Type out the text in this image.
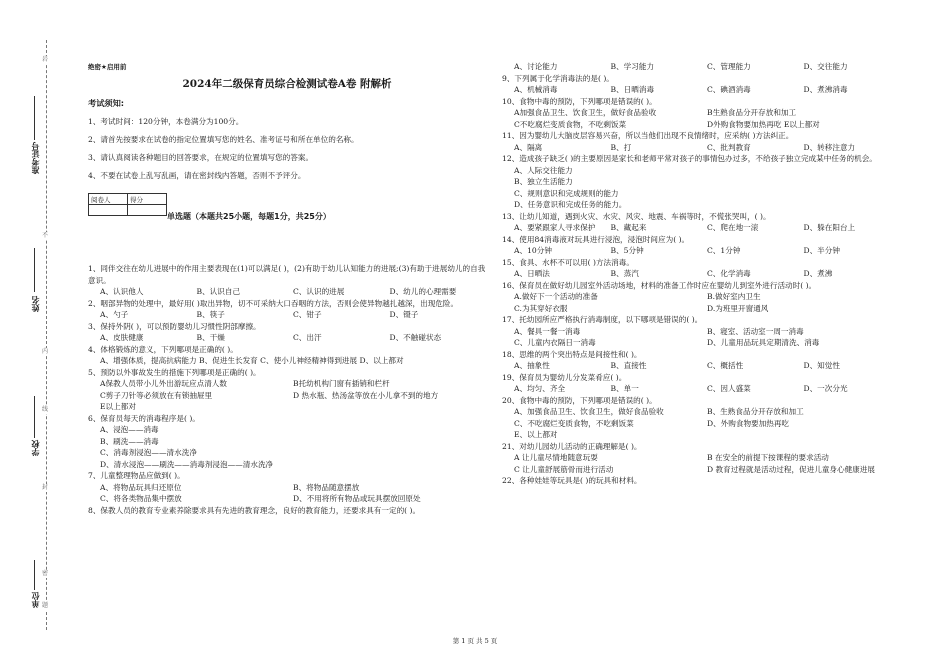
岩
准考证号
不
姓名
内
线
学校
封
密
单位 题
绝密★启用前
2024年二级保育员综合检测试卷A卷 附解析
考试须知:
1、考试时间：120分钟，本卷满分为100分。
2、请首先按要求在试卷的指定位置填写您的姓名、准考证号和所在单位的名称。
3、请认真阅读各种题目的回答要求，在规定的位置填写您的答案。
4、不要在试卷上乱写乱画，请在密封线内答题，否则不予评分。
阅卷人	得分

单选题（本题共25小题，每题1分，共25分）
1、同伴交往在幼儿进展中的作用主要表现在(1)可以满足( )，(2)有助于幼儿认知能力的进展;(3)有助于进展幼儿的自我意识。
A、认识他人	B、认识自己	C、认识的进展	D、幼儿的心理需要
2、咽部异物的处理中，最好用( )取出异物，切不可采纳大口吞咽的方法，否则会使异物越扎越深，出现危险。
A、勺子	B、筷子	C、钳子	D、镊子
3、保持外阴( )，可以预防婴幼儿习惯性阴部摩擦。
A、皮肤健康	B、干燥	C、出汗	D、不触碰状态
4、体格锻炼的意义，下列哪项是正确的( )。
A、增强体质，提高抗病能力 B、促进生长发育 C、使小儿神经精神得到进展 D、以上都对
5、预防以外事故发生的措施下列哪项是正确的( )。
A保教人员带小儿外出游玩应点清人数	B托幼机构门窗有插销和栏杆
C剪子刀针等必须放在有锁抽屉里	D 热水瓶、热汤盆等放在小儿拿不到的地方
E以上都对
6、保育员每天的消毒程序是( )。
A、浸泡——消毒
B、刷洗——消毒
C、消毒剂浸泡——清水洗净
D、清水浸泡——刷洗——消毒剂浸泡——清水洗净
7、儿童整理物品应做到( )。
A、将物品玩具归还原位	B、将物品随意摆放
C、将各类物品集中摆放	D、不用将所有物品或玩具摆放回原处
8、保教人员的教育专业素养除要求具有先进的教育理念，良好的教育能力，还要求具有一定的( )。
A、讨论能力	B、学习能力	C、管理能力	D、交往能力
9、下列属于化学消毒法的是( )。
A、机械消毒	B、日晒消毒	C、碘酒消毒	D、煮沸消毒
10、食物中毒的预防，下列哪项是错误的( )。
A加强食品卫生、饮食卫生，做好食品验收	B生熟食品分开存放和加工
C不吃腐烂变质食物，不吃剩饭菜	D外购食物要加热再吃 E以上都对
11、因为婴幼儿大脑皮层容易兴奋，所以当他们出现不良情绪时，应采纳( )方法纠正。
A、隔离	B、打	C、批判教育	D、转移注意力
12、造成孩子缺乏( )的主要原因是家长和老师平常对孩子的事情包办过多，不给孩子独立完成某中任务的机会。
A、人际交往能力
B、独立生活能力
C、规则意识和完成规则的能力
D、任务意识和完成任务的能力。
13、让幼儿知道，遇到火灾、水灾、风灾、地震、车祸等时，不慌张哭叫，( )。
A、要紧跟家人寻求保护	B、藏起来	C、爬在地一滚	D、躲在阳台上
14、使用84消毒液对玩具进行浸泡，浸泡时间应为( )。
A、10分钟	B、5分钟	C、1分钟	D、半分钟
15、食具、水杯不可以用( )方法消毒。
A、日晒法	B、蒸汽	C、化学消毒	D、煮沸
16、保育员在做好幼儿园室外活动场地，材料的准备工作时应在婴幼儿到室外进行活动时( )。
A.做好下一个活动的准备	B.做好室内卫生
C.为其穿好衣服	D.为班里开窗通风
17、托幼园所应严格执行消毒制度，以下哪项是错误的( )。
A、餐具一餐一消毒	B、寝室、活动室一周一消毒
C、儿童内衣隔日一消毒	D、儿童用品玩具定期清洗、消毒
18、思维的两个突出特点是间接性和( )。
A、抽象性	B、直接性	C、概括性	D、知觉性
19、保育员为婴幼儿分发菜肴应( )。
A、均匀、齐全	B、单一	C、因人盛菜	D、一次分光
20、食物中毒的预防，下列哪项是错误的( )。
A、加强食品卫生、饮食卫生，做好食品验收	B、生熟食品分开存放和加工
C、不吃腐烂变质食物，不吃剩饭菜	D、外购食物要加热再吃
E、以上都对
21、对幼儿园幼儿活动的正确理解是( )。
A 让儿童尽情地随意玩耍	B 在安全的前提下按课程的要求活动
C 让儿童舒展筋骨而进行活动	D 教育过程就是活动过程，促进儿童身心健康进展
22、各种娃娃等玩具是( )的玩具和材料。
第 1 页 共 5 页
